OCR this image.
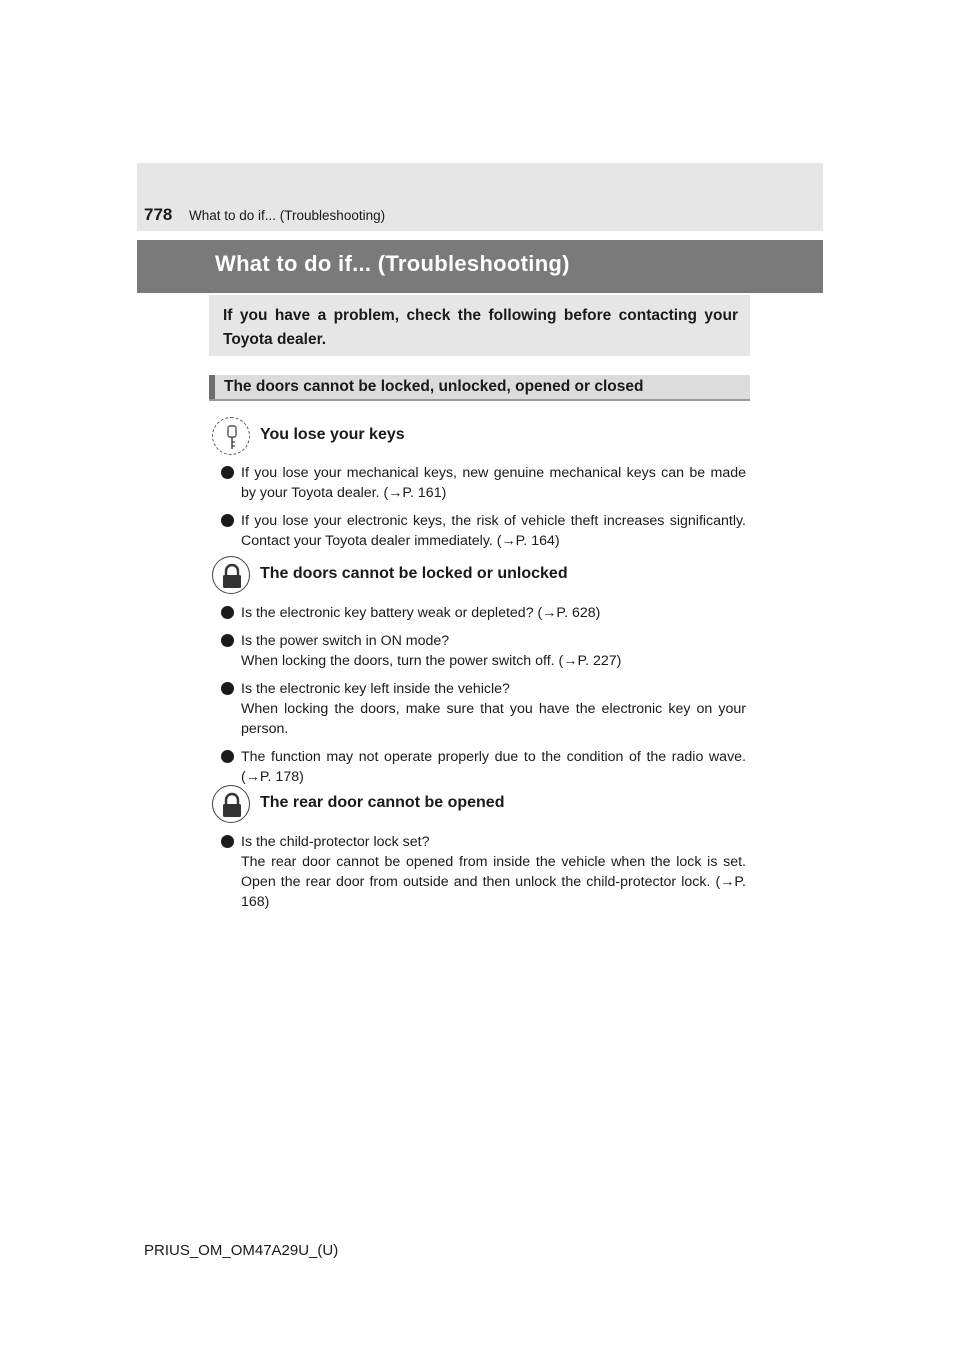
778 What to do if... (Troubleshooting)
What to do if... (Troubleshooting)
If you have a problem, check the following before contacting your Toyota dealer.
The doors cannot be locked, unlocked, opened or closed
You lose your keys

If you lose your mechanical keys, new genuine mechanical keys can be made by your Toyota dealer. (→P. 161)

If you lose your electronic keys, the risk of vehicle theft increases significantly. Contact your Toyota dealer immediately. (→P. 164)

The doors cannot be locked or unlocked

Is the electronic key battery weak or depleted? (→P. 628)

Is the power switch in ON mode?

When locking the doors, turn the power switch off. (→P. 227)

Is the electronic key left inside the vehicle?

When locking the doors, make sure that you have the electronic key on your person.

The function may not operate properly due to the condition of the radio wave. (→P. 178)

The rear door cannot be opened

Is the child-protector lock set?

The rear door cannot be opened from inside the vehicle when the lock is set. Open the rear door from outside and then unlock the child-protector lock. (→P. 168)

PRIUS_OM_OM47A29U_(U)
